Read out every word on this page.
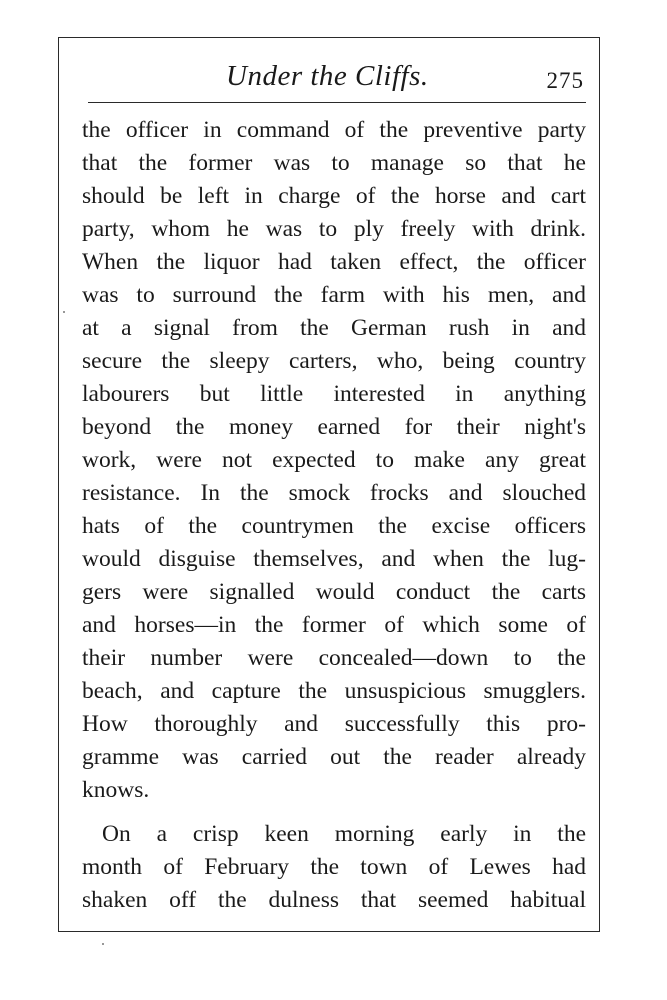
Under the Cliffs.	275
the officer in command of the preventive party
that the former was to manage so that he
should be left in charge of the horse and cart
party, whom he was to ply freely with drink.
When the liquor had taken effect, the officer
was to surround the farm with his men, and
at a signal from the German rush in and
secure the sleepy carters, who, being country
labourers but little interested in anything
beyond the money earned for their night's
work, were not expected to make any great
resistance. In the smock frocks and slouched
hats of the countrymen the excise officers
would disguise themselves, and when the lug-
gers were signalled would conduct the carts
and horses—in the former of which some of
their number were concealed—down to the
beach, and capture the unsuspicious smugglers.
How thoroughly and successfully this pro-
gramme was carried out the reader already
knows.
On a crisp keen morning early in the
month of February the town of Lewes had
shaken off the dulness that seemed habitual
